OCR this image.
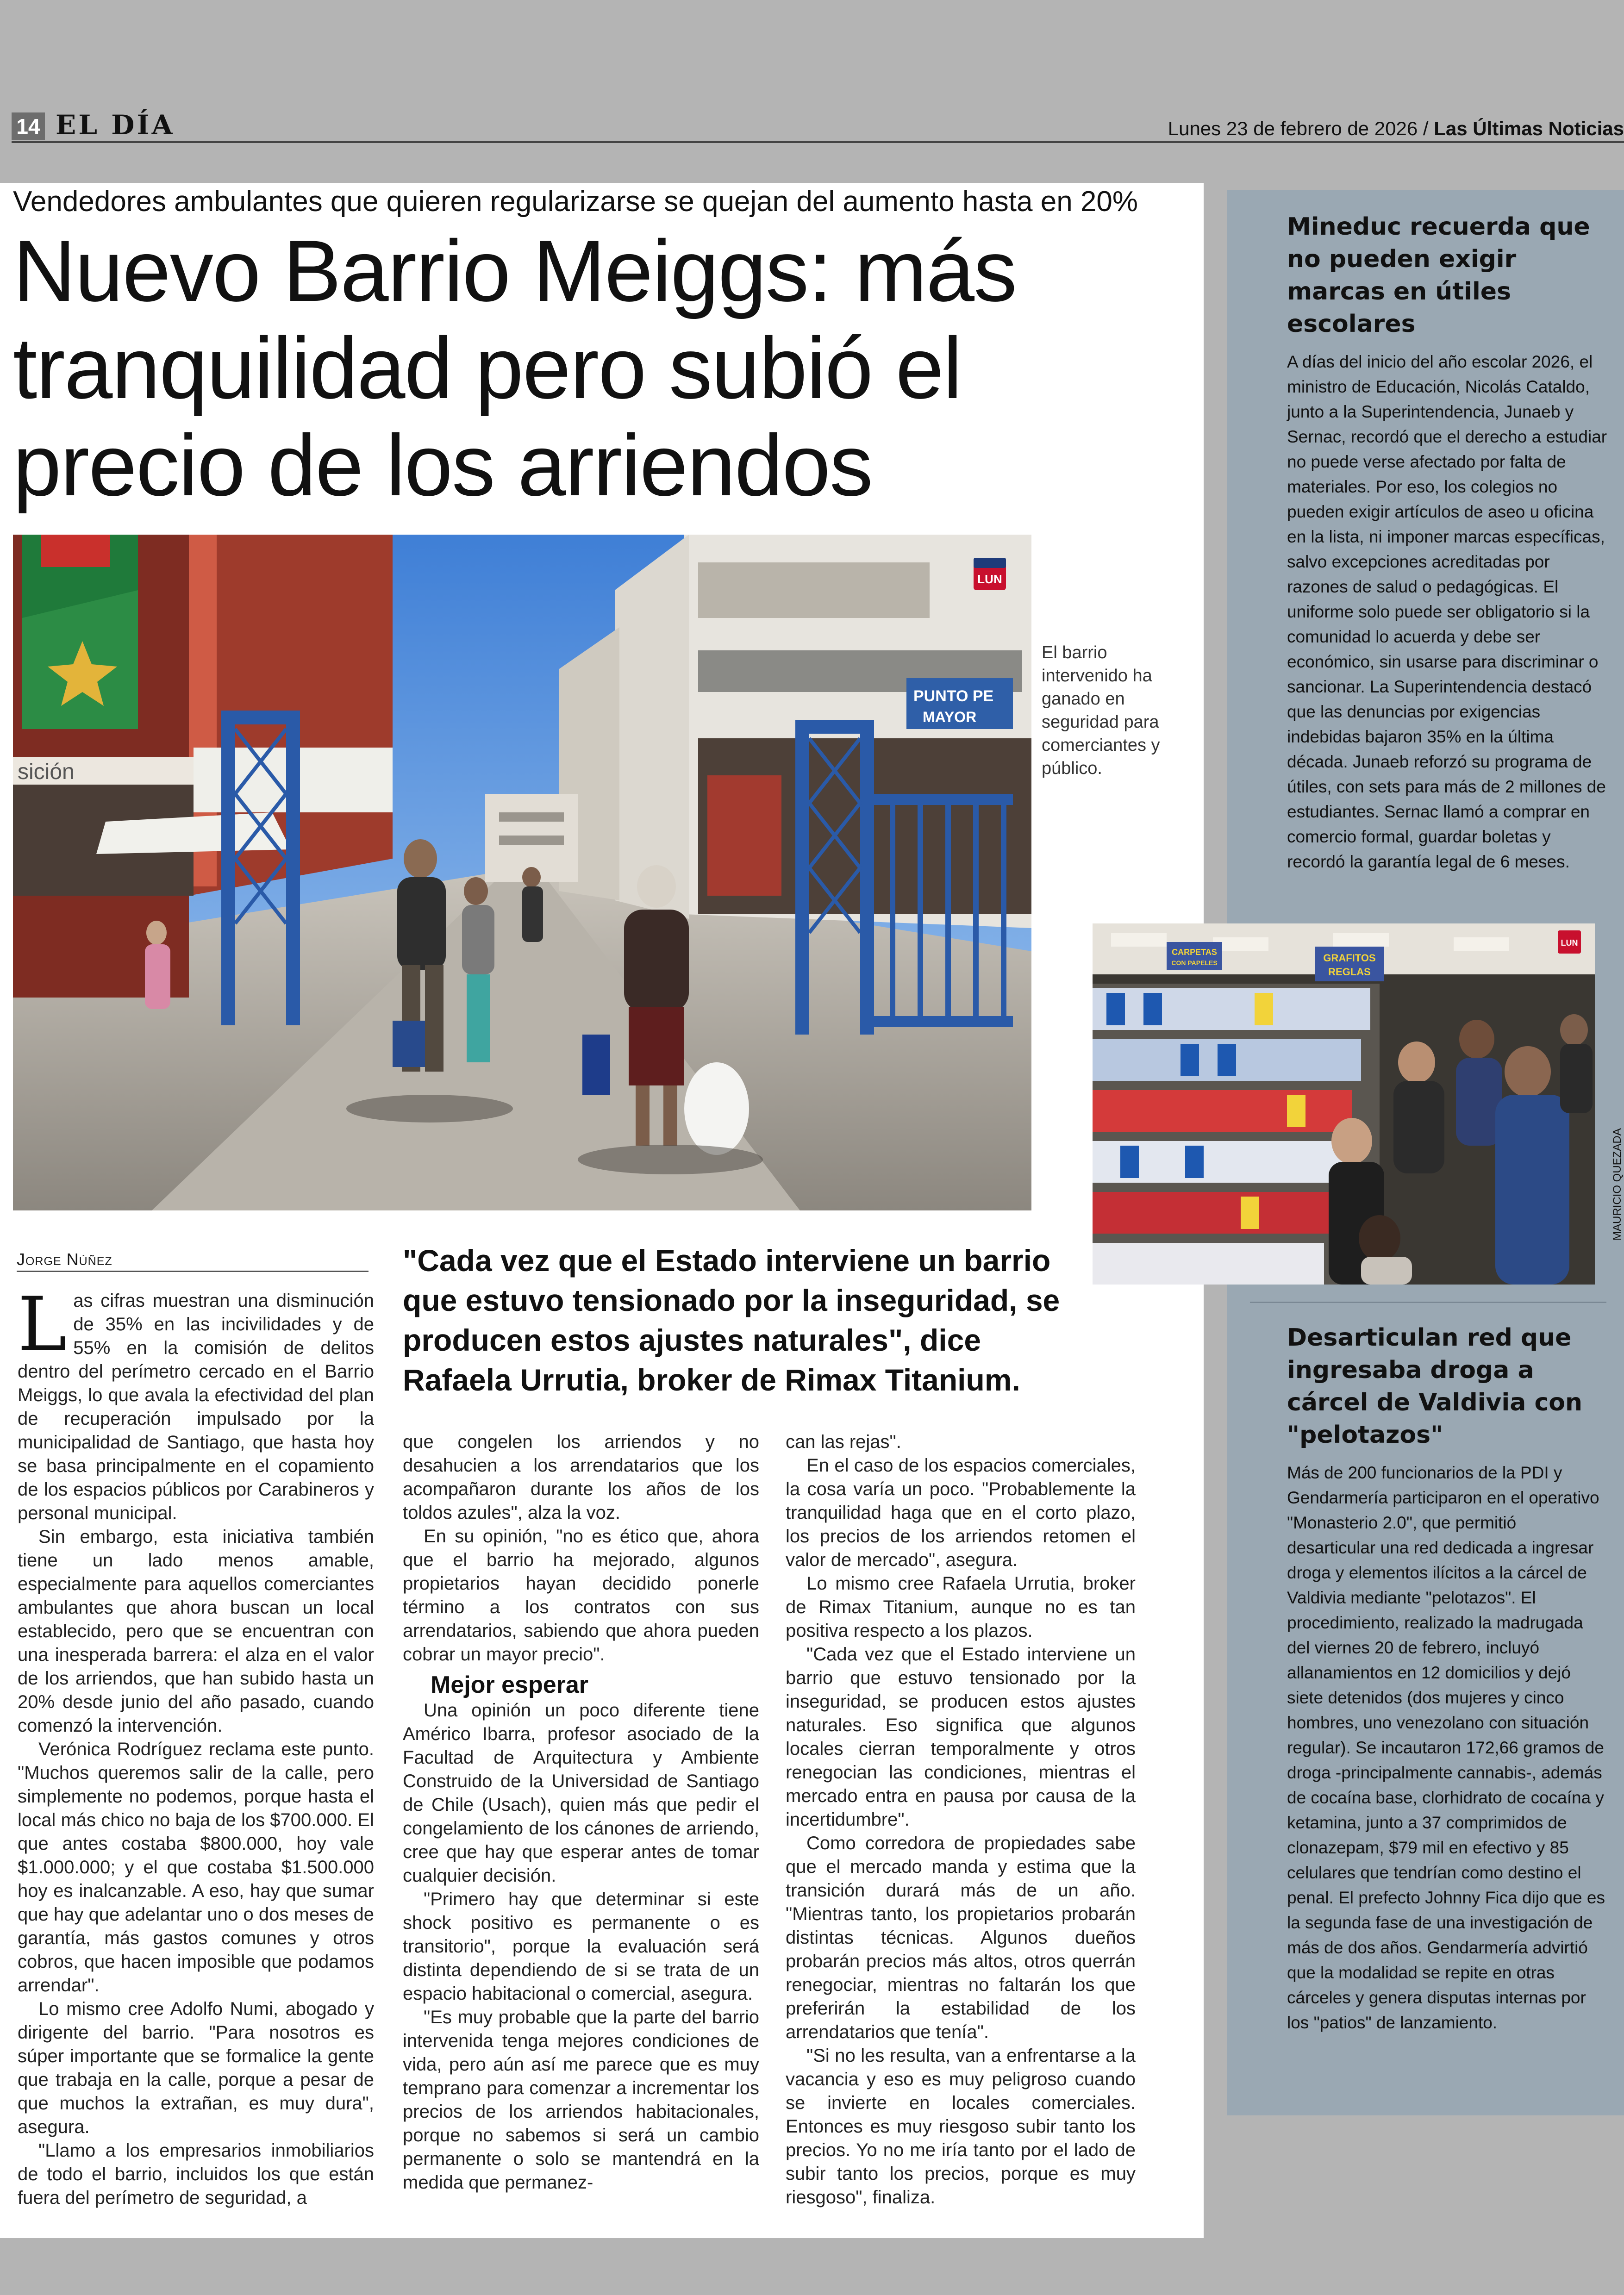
14 EL DÍA	Lunes 23 de febrero de 2026 / Las Últimas Noticias
Vendedores ambulantes que quieren regularizarse se quejan del aumento hasta en 20%
Nuevo Barrio Meiggs: más tranquilidad pero subió el precio de los arriendos
sición
PUNTO PE
MAYOR
LUN
El barrio intervenido ha ganado en seguridad para comerciantes y público.
Jorge Núñez	"Cada vez que el Estado interviene un barrio que estuvo tensionado por la inseguridad, se producen estos ajustes naturales", dice Rafaela Urrutia, broker de Rimax Titanium.

Las cifras muestran una disminución de 35% en las incivilidades y de 55% en la comisión de delitos dentro del perímetro cercado en el Barrio Meiggs, lo que avala la efectividad del plan de recuperación impulsado por la municipalidad de Santiago, que hasta hoy se basa principalmente en el copamiento de los espacios públicos por Carabineros y personal municipal.

Sin embargo, esta iniciativa también tiene un lado menos amable, especialmente para aquellos comerciantes ambulantes que ahora buscan un local establecido, pero que se encuentran con una inesperada barrera: el alza en el valor de los arriendos, que han subido hasta un 20% desde junio del año pasado, cuando comenzó la intervención.

Verónica Rodríguez reclama este punto. "Muchos queremos salir de la calle, pero simplemente no podemos, porque hasta el local más chico no baja de los $700.000. El que antes costaba $800.000, hoy vale $1.000.000; y el que costaba $1.500.000 hoy es inalcanzable. A eso, hay que sumar que hay que adelantar uno o dos meses de garantía, más gastos comunes y otros cobros, que hacen imposible que podamos arrendar".

Lo mismo cree Adolfo Numi, abogado y dirigente del barrio. "Para nosotros es súper importante que se formalice la gente que trabaja en la calle, porque a pesar de que muchos la extrañan, es muy dura", asegura.

"Llamo a los empresarios inmobiliarios de todo el barrio, incluidos los que están fuera del perímetro de seguridad, a

que congelen los arriendos y no desahucien a los arrendatarios que los acompañaron durante los años de los toldos azules", alza la voz.

En su opinión, "no es ético que, ahora que el barrio ha mejorado, algunos propietarios hayan decidido ponerle término a los contratos con sus arrendatarios, sabiendo que ahora pueden cobrar un mayor precio".

Una opinión un poco diferente tiene Américo Ibarra, profesor asociado de la Facultad de Arquitectura y Ambiente Construido de la Universidad de Santiago de Chile (Usach), quien más que pedir el congelamiento de los cánones de arriendo, cree que hay que esperar antes de tomar cualquier decisión.

"Primero hay que determinar si este shock positivo es permanente o es transitorio", porque la evaluación será distinta dependiendo de si se trata de un espacio habitacional o comercial, asegura.

"Es muy probable que la parte del barrio intervenida tenga mejores condiciones de vida, pero aún así me parece que es muy temprano para comenzar a incrementar los precios de los arriendos habitacionales, porque no sabemos si será un cambio permanente o solo se mantendrá en la medida que permanez-

Mejor esperar

can las rejas".

En el caso de los espacios comerciales, la cosa varía un poco. "Probablemente la tranquilidad haga que en el corto plazo, los precios de los arriendos retomen el valor de mercado", asegura.

Lo mismo cree Rafaela Urrutia, broker de Rimax Titanium, aunque no es tan positiva respecto a los plazos.

"Cada vez que el Estado interviene un barrio que estuvo tensionado por la inseguridad, se producen estos ajustes naturales. Eso significa que algunos locales cierran temporalmente y otros renegocian las condiciones, mientras el mercado entra en pausa por causa de la incertidumbre".

Como corredora de propiedades sabe que el mercado manda y estima que la transición durará más de un año. "Mientras tanto, los propietarios probarán distintas técnicas. Algunos dueños probarán precios más altos, otros querrán renegociar, mientras no faltarán los que preferirán la estabilidad de los arrendatarios que tenía".

"Si no les resulta, van a enfrentarse a la vacancia y eso es muy peligroso cuando se invierte en locales comerciales. Entonces es muy riesgoso subir tanto los precios. Yo no me iría tanto por el lado de subir tanto los precios, porque es muy riesgoso", finaliza.

Mineduc recuerda que no pueden exigir marcas en útiles escolares
A días del inicio del año escolar 2026, el ministro de Educación, Nicolás Cataldo, junto a la Superintendencia, Junaeb y Sernac, recordó que el derecho a estudiar no puede verse afectado por falta de materiales. Por eso, los colegios no pueden exigir artículos de aseo u oficina en la lista, ni imponer marcas específicas, salvo excepciones acreditadas por razones de salud o pedagógicas. El uniforme solo puede ser obligatorio si la comunidad lo acuerda y debe ser económico, sin usarse para discriminar o sancionar. La Superintendencia destacó que las denuncias por exigencias indebidas bajaron 35% en la última década. Junaeb reforzó su programa de útiles, con sets para más de 2 millones de estudiantes. Sernac llamó a comprar en comercio formal, guardar boletas y recordó la garantía legal de 6 meses.
CARPETAS
CON PAPELES	GRAFITOS
REGLAS
LUN
MAURICIO QUEZADA
Desarticulan red que ingresaba droga a cárcel de Valdivia con "pelotazos"
Más de 200 funcionarios de la PDI y Gendarmería participaron en el operativo "Monasterio 2.0", que permitió desarticular una red dedicada a ingresar droga y elementos ilícitos a la cárcel de Valdivia mediante "pelotazos". El procedimiento, realizado la madrugada del viernes 20 de febrero, incluyó allanamientos en 12 domicilios y dejó siete detenidos (dos mujeres y cinco hombres, uno venezolano con situación regular). Se incautaron 172,66 gramos de droga -principalmente cannabis-, además de cocaína base, clorhidrato de cocaína y ketamina, junto a 37 comprimidos de clonazepam, $79 mil en efectivo y 85 celulares que tendrían como destino el penal. El prefecto Johnny Fica dijo que es la segunda fase de una investigación de más de dos años. Gendarmería advirtió que la modalidad se repite en otras cárceles y genera disputas internas por los "patios" de lanzamiento.
